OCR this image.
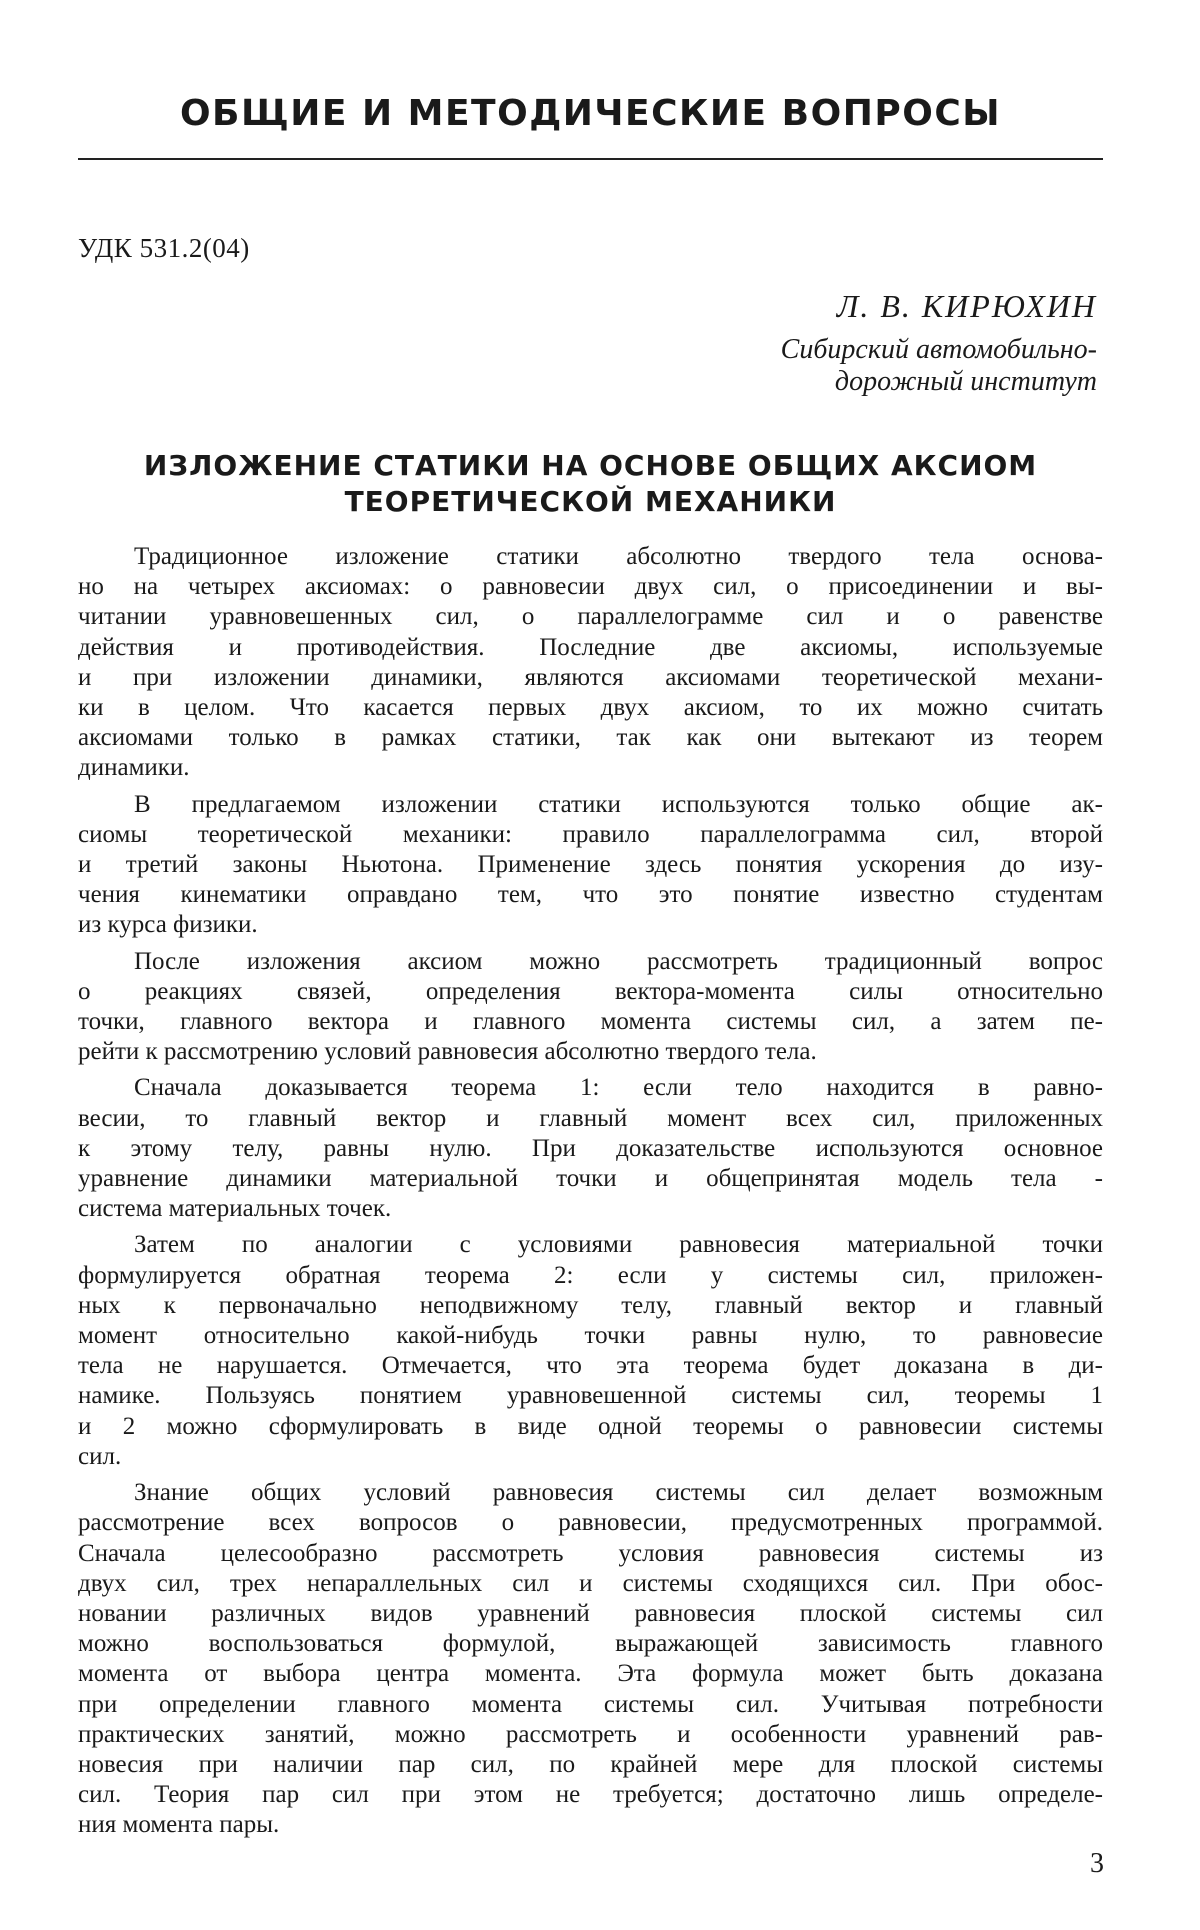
ОБЩИЕ И МЕТОДИЧЕСКИЕ ВОПРОСЫ
УДК 531.2(04)
Л. В. КИРЮХИН
Сибирский автомобильно-
дорожный институт
ИЗЛОЖЕНИЕ СТАТИКИ НА ОСНОВЕ ОБЩИХ АКСИОМ
ТЕОРЕТИЧЕСКОЙ МЕХАНИКИ
Традиционное изложение статики абсолютно твердого тела основа-
но на четырех аксиомах: о равновесии двух сил, о присоединении и вы-
читании уравновешенных сил, о параллелограмме сил и о равенстве
действия и противодействия. Последние две аксиомы, используемые
и при изложении динамики, являются аксиомами теоретической механи-
ки в целом. Что касается первых двух аксиом, то их можно считать
аксиомами только в рамках статики, так как они вытекают из теорем
динамики.
В предлагаемом изложении статики используются только общие ак-
сиомы теоретической механики: правило параллелограмма сил, второй
и третий законы Ньютона. Применение здесь понятия ускорения до изу-
чения кинематики оправдано тем, что это понятие известно студентам
из курса физики.
После изложения аксиом можно рассмотреть традиционный вопрос
о реакциях связей, определения вектора-момента силы относительно
точки, главного вектора и главного момента системы сил, а затем пе-
рейти к рассмотрению условий равновесия абсолютно твердого тела.
Сначала доказывается теорема 1: если тело находится в равно-
весии, то главный вектор и главный момент всех сил, приложенных
к этому телу, равны нулю. При доказательстве используются основное
уравнение динамики материальной точки и общепринятая модель тела -
система материальных точек.
Затем по аналогии с условиями равновесия материальной точки
формулируется обратная теорема 2: если у системы сил, приложен-
ных к первоначально неподвижному телу, главный вектор и главный
момент относительно какой-нибудь точки равны нулю, то равновесие
тела не нарушается. Отмечается, что эта теорема будет доказана в ди-
намике. Пользуясь понятием уравновешенной системы сил, теоремы 1
и 2 можно сформулировать в виде одной теоремы о равновесии системы
сил.
Знание общих условий равновесия системы сил делает возможным
рассмотрение всех вопросов о равновесии, предусмотренных программой.
Сначала целесообразно рассмотреть условия равновесия системы из
двух сил, трех непараллельных сил и системы сходящихся сил. При обос-
новании различных видов уравнений равновесия плоской системы сил
можно воспользоваться формулой, выражающей зависимость главного
момента от выбора центра момента. Эта формула может быть доказана
при определении главного момента системы сил. Учитывая потребности
практических занятий, можно рассмотреть и особенности уравнений рав-
новесия при наличии пар сил, по крайней мере для плоской системы
сил. Теория пар сил при этом не требуется; достаточно лишь определе-
ния момента пары.
3
